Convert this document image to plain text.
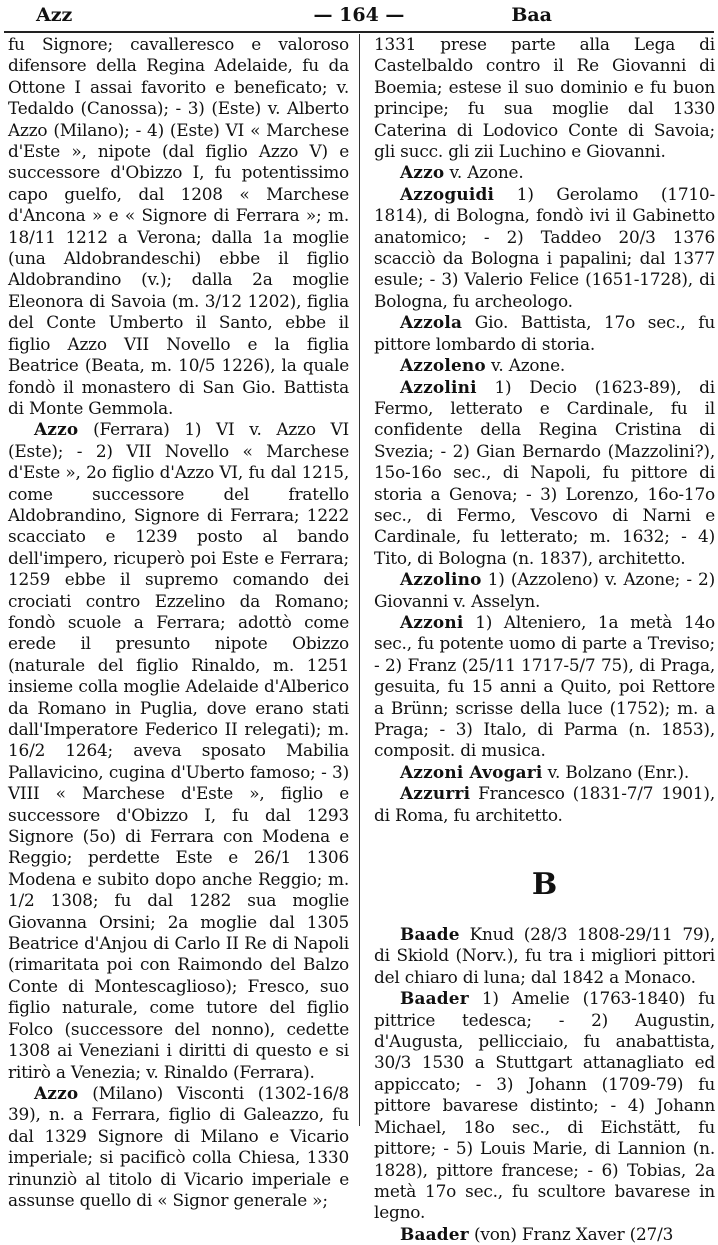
Azz	— 164 —	Baa

fu Signore; cavalleresco e valoroso difensore della Regina Adelaide, fu da Ottone I assai favorito e beneficato; v. Tedaldo (Canossa); - 3) (Este) v. Alberto Azzo (Milano); - 4) (Este) VI « Marchese d'Este », nipote (dal figlio Azzo V) e successore d'Obizzo I, fu potentissimo capo guelfo, dal 1208 « Marchese d'Ancona » e « Signore di Ferrara »; m. 18/11 1212 a Verona; dalla 1a moglie (una Aldobrandeschi) ebbe il figlio Aldobrandino (v.); dalla 2a moglie Eleonora di Savoia (m. 3/12 1202), figlia del Conte Umberto il Santo, ebbe il figlio Azzo VII Novello e la figlia Beatrice (Beata, m. 10/5 1226), la quale fondò il monastero di San Gio. Battista di Monte Gemmola.

Azzo (Ferrara) 1) VI v. Azzo VI (Este); - 2) VII Novello « Marchese d'Este », 2o figlio d'Azzo VI, fu dal 1215, come successore del fratello Aldobrandino, Signore di Ferrara; 1222 scacciato e 1239 posto al bando dell'impero, ricuperò poi Este e Ferrara; 1259 ebbe il supremo comando dei crociati contro Ezzelino da Romano; fondò scuole a Ferrara; adottò come erede il presunto nipote Obizzo (naturale del figlio Rinaldo, m. 1251 insieme colla moglie Adelaide d'Alberico da Romano in Puglia, dove erano stati dall'Imperatore Federico II relegati); m. 16/2 1264; aveva sposato Mabilia Pallavicino, cugina d'Uberto famoso; - 3) VIII « Marchese d'Este », figlio e successore d'Obizzo I, fu dal 1293 Signore (5o) di Ferrara con Modena e Reggio; perdette Este e 26/1 1306 Modena e subito dopo anche Reggio; m. 1/2 1308; fu dal 1282 sua moglie Giovanna Orsini; 2a moglie dal 1305 Beatrice d'Anjou di Carlo II Re di Napoli (rimaritata poi con Raimondo del Balzo Conte di Montescaglioso); Fresco, suo figlio naturale, come tutore del figlio Folco (successore del nonno), cedette 1308 ai Veneziani i diritti di questo e si ritirò a Venezia; v. Rinaldo (Ferrara).

Azzo (Milano) Visconti (1302-16/8 39), n. a Ferrara, figlio di Galeazzo, fu dal 1329 Signore di Milano e Vicario imperiale; si pacificò colla Chiesa, 1330 rinunziò al titolo di Vicario imperiale e assunse quello di « Signor generale »;

1331 prese parte alla Lega di Castelbaldo contro il Re Giovanni di Boemia; estese il suo dominio e fu buon principe; fu sua moglie dal 1330 Caterina di Lodovico Conte di Savoia; gli succ. gli zii Luchino e Giovanni.

Azzo v. Azone.

Azzoguidi 1) Gerolamo (1710-1814), di Bologna, fondò ivi il Gabinetto anatomico; - 2) Taddeo 20/3 1376 scacciò da Bologna i papalini; dal 1377 esule; - 3) Valerio Felice (1651-1728), di Bologna, fu archeologo.

Azzola Gio. Battista, 17o sec., fu pittore lombardo di storia.

Azzoleno v. Azone.

Azzolini 1) Decio (1623-89), di Fermo, letterato e Cardinale, fu il confidente della Regina Cristina di Svezia; - 2) Gian Bernardo (Mazzolini?), 15o-16o sec., di Napoli, fu pittore di storia a Genova; - 3) Lorenzo, 16o-17o sec., di Fermo, Vescovo di Narni e Cardinale, fu letterato; m. 1632; - 4) Tito, di Bologna (n. 1837), architetto.

Azzolino 1) (Azzoleno) v. Azone; - 2) Giovanni v. Asselyn.

Azzoni 1) Alteniero, 1a metà 14o sec., fu potente uomo di parte a Treviso; - 2) Franz (25/11 1717-5/7 75), di Praga, gesuita, fu 15 anni a Quito, poi Rettore a Brünn; scrisse della luce (1752); m. a Praga; - 3) Italo, di Parma (n. 1853), composit. di musica.

Azzoni Avogari v. Bolzano (Enr.).

Azzurri Francesco (1831-7/7 1901), di Roma, fu architetto.

B

Baade Knud (28/3 1808-29/11 79), di Skiold (Norv.), fu tra i migliori pittori del chiaro di luna; dal 1842 a Monaco.

Baader 1) Amelie (1763-1840) fu pittrice tedesca; - 2) Augustin, d'Augusta, pellicciaio, fu anabattista, 30/3 1530 a Stuttgart attanagliato ed appiccato; - 3) Johann (1709-79) fu pittore bavarese distinto; - 4) Johann Michael, 18o sec., di Eichstätt, fu pittore; - 5) Louis Marie, di Lannion (n. 1828), pittore francese; - 6) Tobias, 2a metà 17o sec., fu scultore bavarese in legno.

Baader (von) Franz Xaver (27/3
